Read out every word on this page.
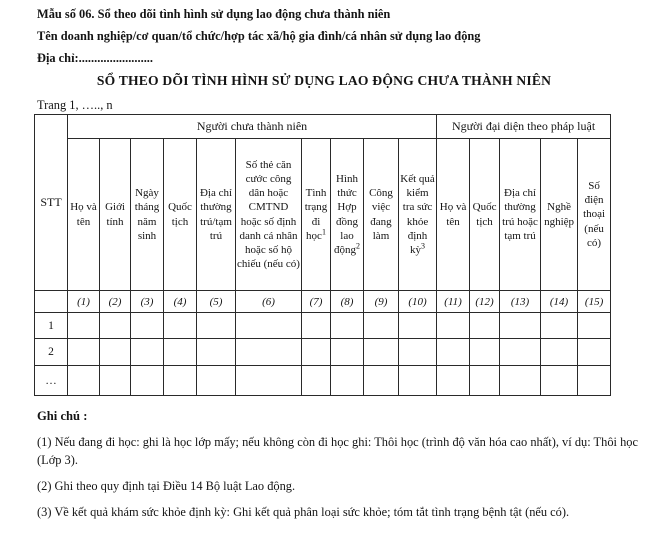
Mẫu số 06. Sổ theo dõi tình hình sử dụng lao động chưa thành niên
Tên doanh nghiệp/cơ quan/tổ chức/hợp tác xã/hộ gia đình/cá nhân sử dụng lao động
Địa chỉ:........................
SỔ THEO DÕI TÌNH HÌNH SỬ DỤNG LAO ĐỘNG CHƯA THÀNH NIÊN
Trang 1, ….., n
STT	Người chưa thành niên										Người đại diện theo pháp luật				
	Họ và tên	Giới tính	Ngày tháng năm sinh	Quốc tịch	Địa chỉ thường trú/tạm trú	Số thẻ căn cước công dân hoặc CMTND hoặc số định danh cá nhân hoặc số hộ chiếu (nếu có)	Tình trạng đi học$^1$	Hình thức Hợp đồng lao động$^2$	Công việc đang làm	Kết quả kiểm tra sức khỏe định kỳ$^3$	Họ và tên	Quốc tịch	Địa chỉ thường trú hoặc tạm trú	Nghề nghiệp	Số điện thoại (nếu có)
	(1)	(2)	(3)	(4)	(5)	(6)	(7)	(8)	(9)	(10)	(11)	(12)	(13)	(14)	(15)
1															
2															
…															
Ghi chú :
(1) Nếu đang đi học: ghi là học lớp mấy; nếu không còn đi học ghi: Thôi học (trình độ văn hóa cao nhất), ví dụ: Thôi học (Lớp 3).
(2) Ghi theo quy định tại Điều 14 Bộ luật Lao động.
(3) Về kết quả khám sức khỏe định kỳ: Ghi kết quả phân loại sức khỏe; tóm tắt tình trạng bệnh tật (nếu có).
